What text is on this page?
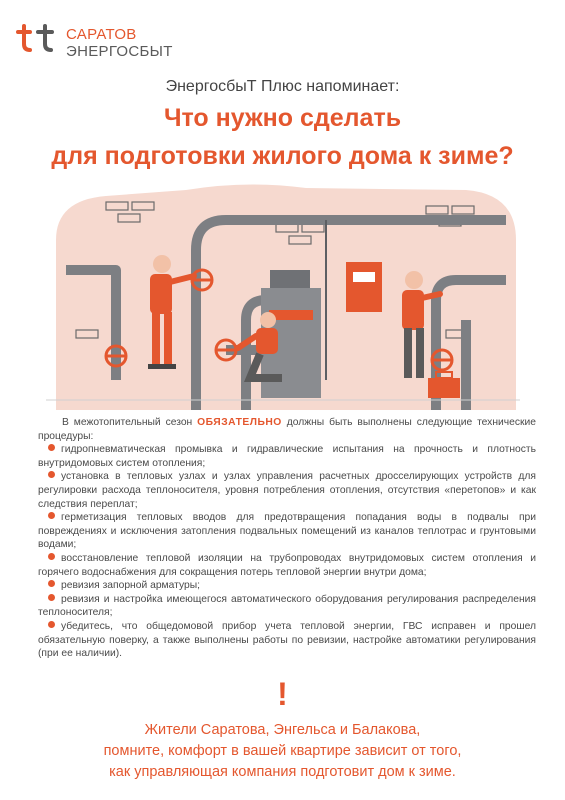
САРАТОВ
ЭНЕРГОСБЫТ
ЭнергосбыТ Плюс напоминает:
Что нужно сделать
для подготовки жилого дома к зиме?

В межотопительный сезон ОБЯЗАТЕЛЬНО должны быть выполнены следующие технические процедуры:

гидропневматическая промывка и гидравлические испытания на прочность и плотность внутридомовых систем отопления;

установка в тепловых узлах и узлах управления расчетных дросселирующих устройств для регулировки расхода теплоносителя, уровня потребления отопления, отсутствия «перетопов» и как следствия переплат;

герметизация тепловых вводов для предотвращения попадания воды в подвалы при повреждениях и исключения затопления подвальных помещений из каналов теплотрас и грунтовыми водами;

восстановление тепловой изоляции на трубопроводах внутридомовых систем отопления и горячего водоснабжения для сокращения потерь тепловой энергии внутри дома;

ревизия запорной арматуры;

ревизия и настройка имеющегося автоматического оборудования регулирования распределения теплоносителя;

убедитесь, что общедомовой прибор учета тепловой энергии, ГВС исправен и прошел обязательную поверку, а также выполнены работы по ревизии, настройке автоматики регулирования (при ее наличии).

!
Жители Саратова, Энгельса и Балакова,
помните, комфорт в вашей квартире зависит от того,
как управляющая компания подготовит дом к зиме.
